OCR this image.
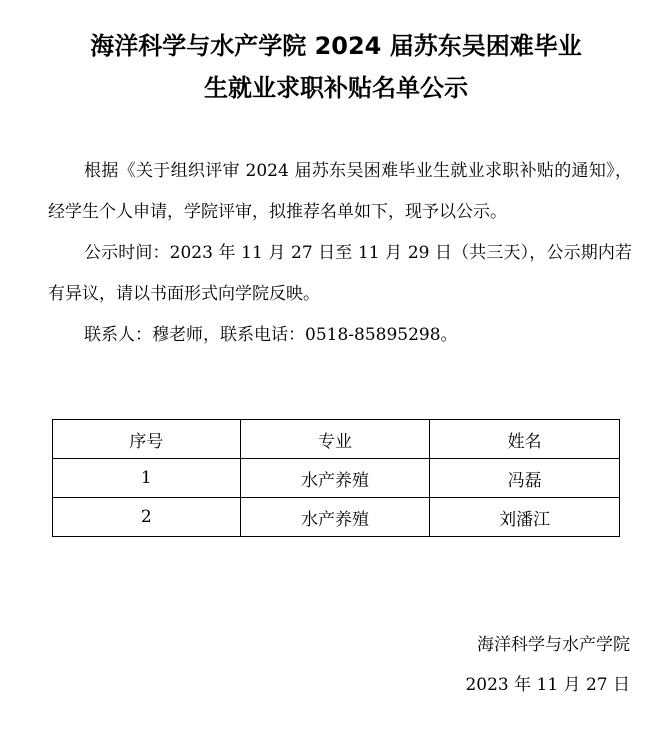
海洋科学与水产学院 2024 届苏东吴困难毕业
生就业求职补贴名单公示

根据《关于组织评审 2024 届苏东吴困难毕业生就业求职补贴的通知》，经学生个人申请，学院评审，拟推荐名单如下，现予以公示。

公示时间：2023 年 11 月 27 日至 11 月 29 日（共三天），公示期内若有异议，请以书面形式向学院反映。

联系人：穆老师，联系电话：0518-85895298。

序号	专业	姓名
1	水产养殖	冯磊
2	水产养殖	刘潘江
海洋科学与水产学院
2023 年 11 月 27 日
